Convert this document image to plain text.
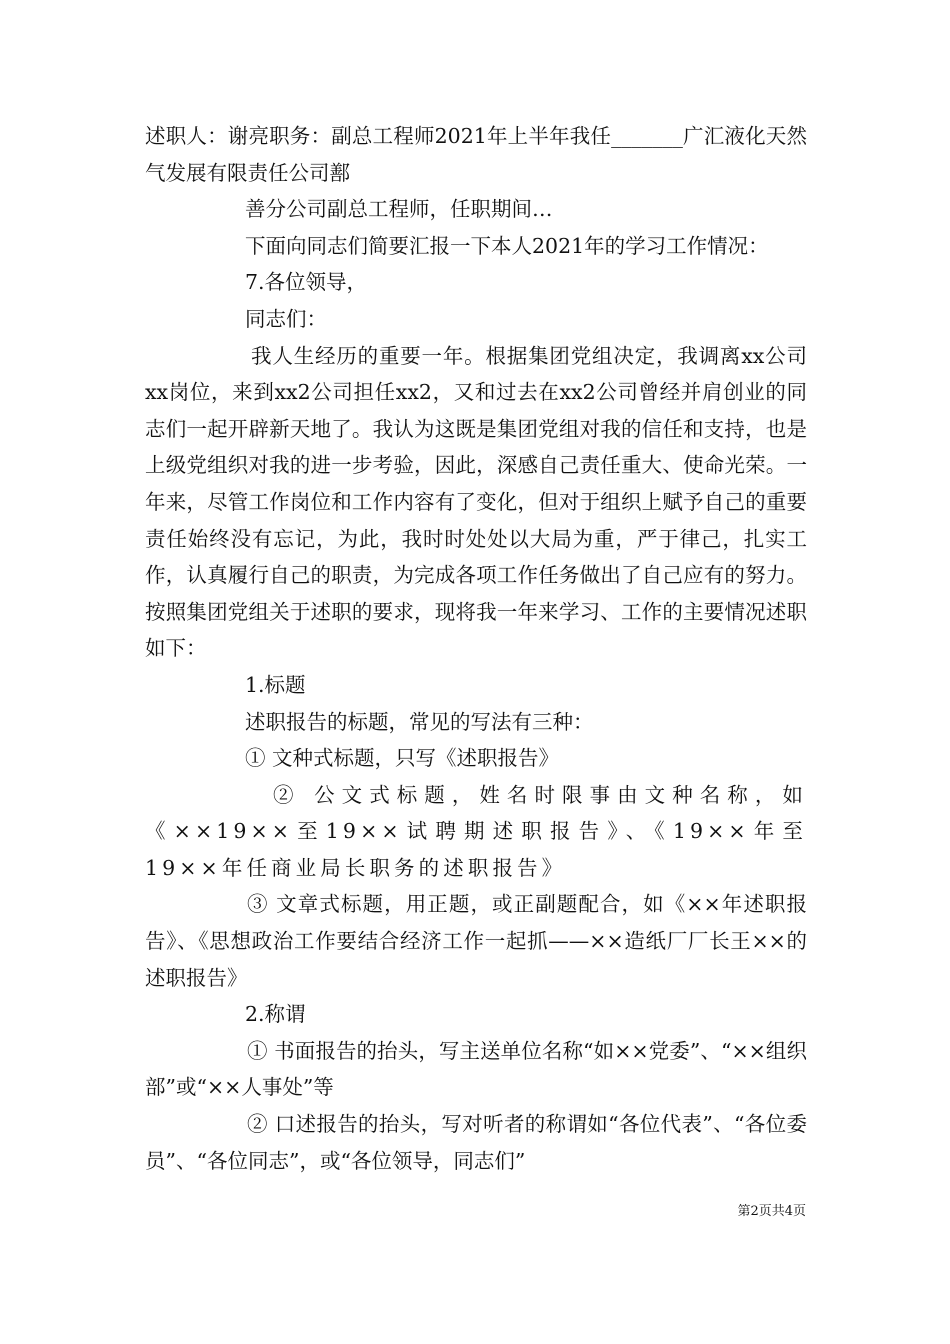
述职人：谢亮职务：副总工程师2021年上半年我任_______广汇液化天然气发展有限责任公司鄯

善分公司副总工程师，任职期间…

下面向同志们简要汇报一下本人2021年的学习工作情况：

7.各位领导，

同志们：

我人生经历的重要一年。根据集团党组决定，我调离xx公司xx岗位，来到xx2公司担任xx2，又和过去在xx2公司曾经并肩创业的同志们一起开辟新天地了。我认为这既是集团党组对我的信任和支持，也是上级党组织对我的进一步考验，因此，深感自己责任重大、使命光荣。一年来，尽管工作岗位和工作内容有了变化，但对于组织上赋予自己的重要责任始终没有忘记，为此，我时时处处以大局为重，严于律己，扎实工作，认真履行自己的职责，为完成各项工作任务做出了自己应有的努力。按照集团党组关于述职的要求，现将我一年来学习、工作的主要情况述职如下：

1.标题

述职报告的标题，常见的写法有三种：

① 文种式标题，只写《述职报告》

② 公文式标题，姓名时限事由文种名称，如《××19××至19××试聘期述职报告》、《19××年至19××年任商业局长职务的述职报告》

③ 文章式标题，用正题，或正副题配合，如《××年述职报告》、《思想政治工作要结合经济工作一起抓——××造纸厂厂长王××的述职报告》

2.称谓

① 书面报告的抬头，写主送单位名称“如××党委”、“××组织部”或“××人事处”等

② 口述报告的抬头，写对听者的称谓如“各位代表”、“各位委员”、“各位同志”，或“各位领导，同志们”

第2页共4页
